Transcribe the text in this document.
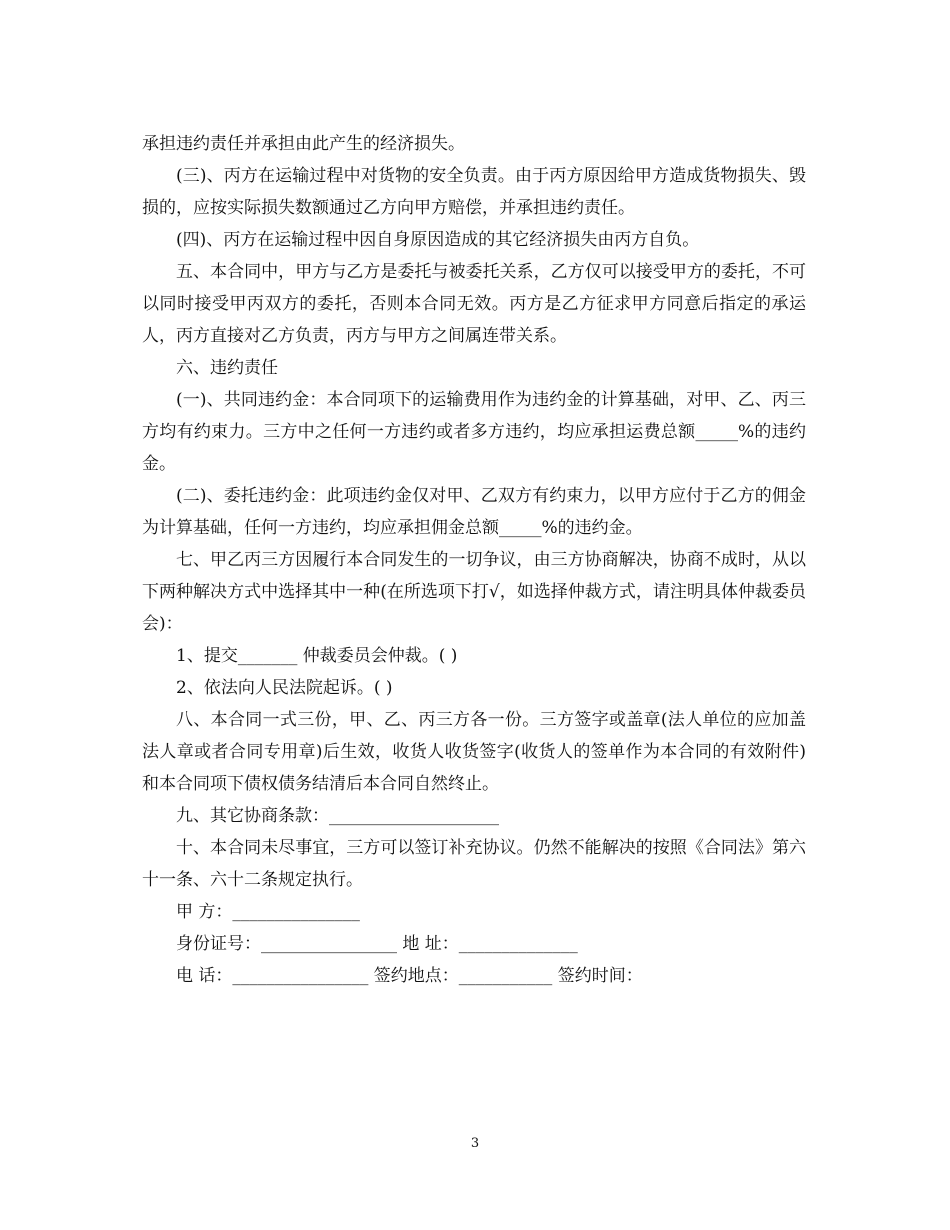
承担违约责任并承担由此产生的经济损失。

(三)、丙方在运输过程中对货物的安全负责。由于丙方原因给甲方造成货物损失、毁损的，应按实际损失数额通过乙方向甲方赔偿，并承担违约责任。

(四)、丙方在运输过程中因自身原因造成的其它经济损失由丙方自负。

五、本合同中，甲方与乙方是委托与被委托关系，乙方仅可以接受甲方的委托，不可以同时接受甲丙双方的委托，否则本合同无效。丙方是乙方征求甲方同意后指定的承运人，丙方直接对乙方负责，丙方与甲方之间属连带关系。

六、违约责任

(一)、共同违约金：本合同项下的运输费用作为违约金的计算基础，对甲、乙、丙三方均有约束力。三方中之任何一方违约或者多方违约，均应承担运费总额_____%的违约金。

(二)、委托违约金：此项违约金仅对甲、乙双方有约束力，以甲方应付于乙方的佣金为计算基础，任何一方违约，均应承担佣金总额_____%的违约金。

七、甲乙丙三方因履行本合同发生的一切争议，由三方协商解决，协商不成时，从以下两种解决方式中选择其中一种(在所选项下打√，如选择仲裁方式，请注明具体仲裁委员会)：

1、提交_______ 仲裁委员会仲裁。( )

2、依法向人民法院起诉。( )

八、本合同一式三份，甲、乙、丙三方各一份。三方签字或盖章(法人单位的应加盖法人章或者合同专用章)后生效，收货人收货签字(收货人的签单作为本合同的有效附件)和本合同项下债权债务结清后本合同自然终止。

九、其它协商条款：____________________

十、本合同未尽事宜，三方可以签订补充协议。仍然不能解决的按照《合同法》第六十一条、六十二条规定执行。

甲 方：_______________

身份证号：________________ 地 址：______________

电 话：________________ 签约地点：___________ 签约时间：

3
